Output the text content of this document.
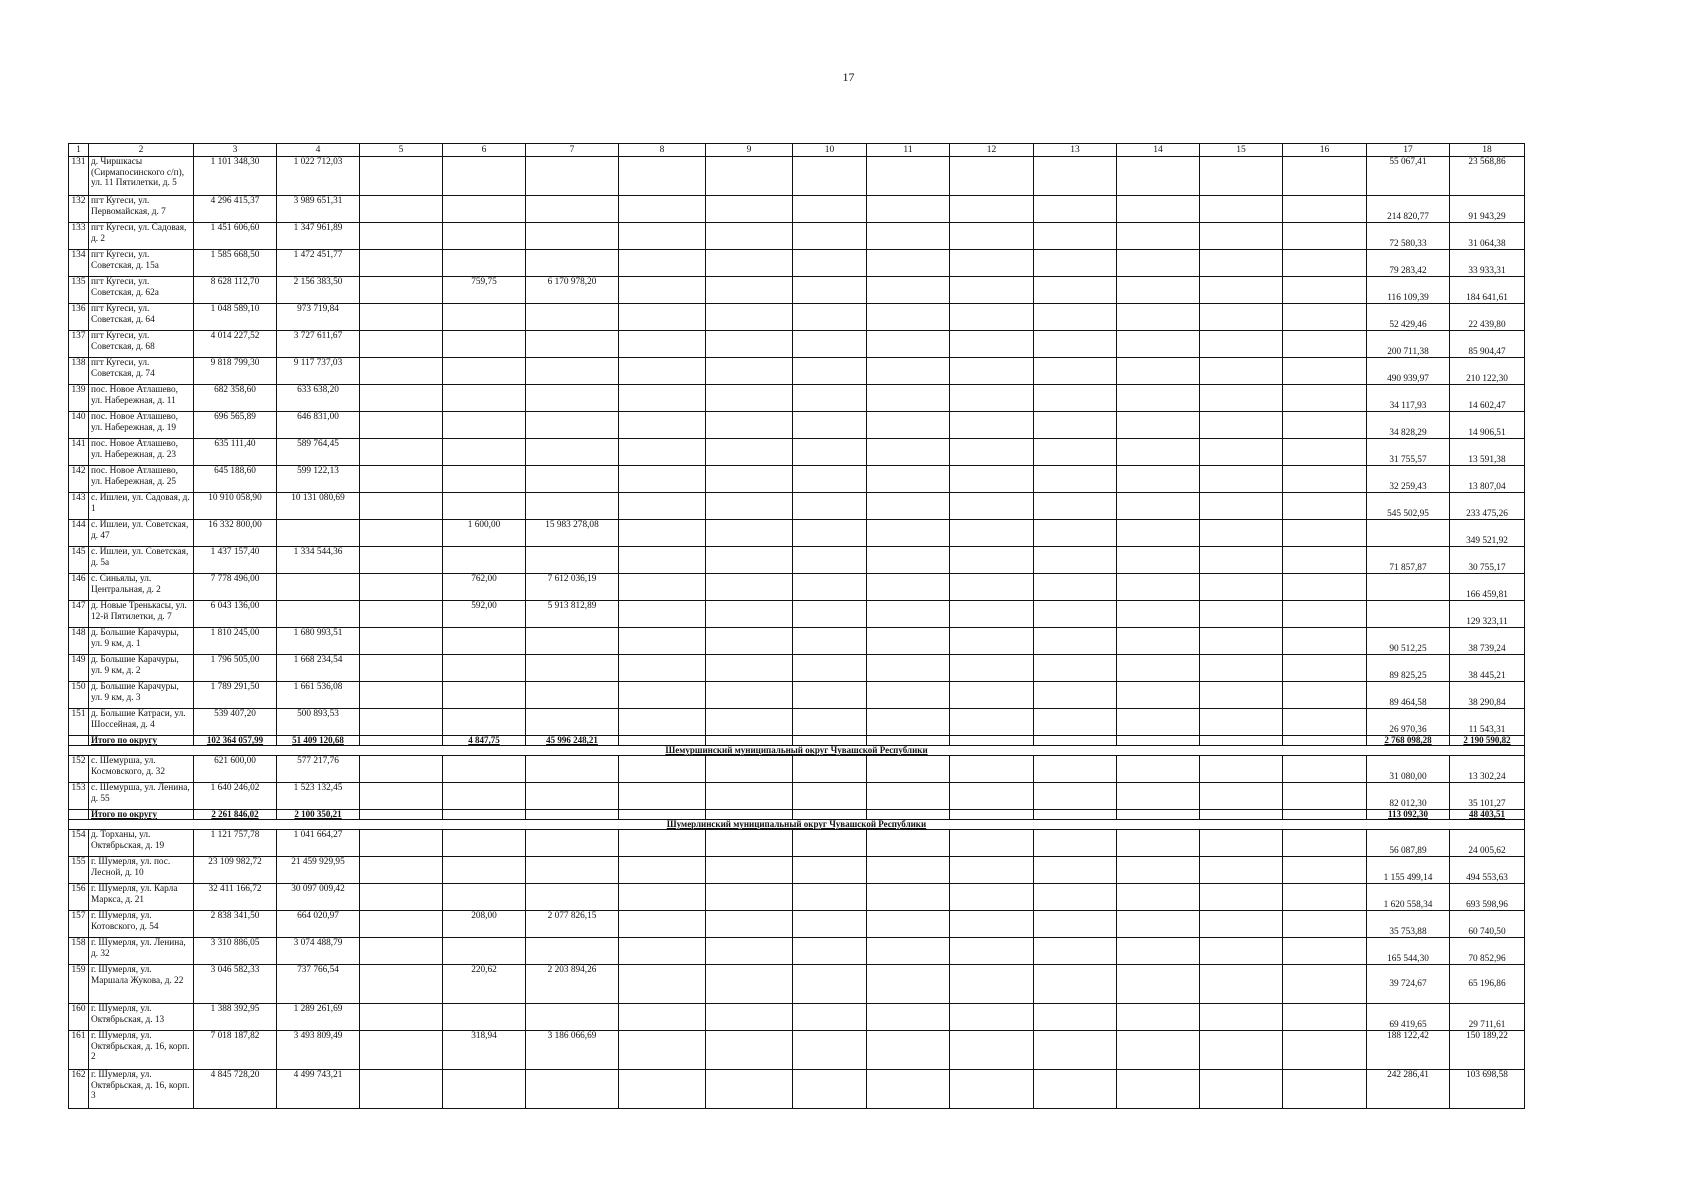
17
1	2	3	4	5	6	7	8	9	10	11	12	13	14	15	16	17	18
131	д. Чиршкасы (Сирмапосинского с/п), ул. 11 Пятилетки, д. 5	1 101 348,30	1 022 712,03													55 067,41	23 568,86
132	пгт Кугеси, ул. Первомайская, д. 7	4 296 415,37	3 989 651,31													214 820,77	91 943,29
133	пгт Кугеси, ул. Садовая, д. 2	1 451 606,60	1 347 961,89													72 580,33	31 064,38
134	пгт Кугеси, ул. Советская, д. 15а	1 585 668,50	1 472 451,77													79 283,42	33 933,31
135	пгт Кугеси, ул. Советская, д. 62а	8 628 112,70	2 156 383,50		759,75	6 170 978,20										116 109,39	184 641,61
136	пгт Кугеси, ул. Советская, д. 64	1 048 589,10	973 719,84													52 429,46	22 439,80
137	пгт Кугеси, ул. Советская, д. 68	4 014 227,52	3 727 611,67													200 711,38	85 904,47
138	пгт Кугеси, ул. Советская, д. 74	9 818 799,30	9 117 737,03													490 939,97	210 122,30
139	пос. Новое Атлашево, ул. Набережная, д. 11	682 358,60	633 638,20													34 117,93	14 602,47
140	пос. Новое Атлашево, ул. Набережная, д. 19	696 565,89	646 831,00													34 828,29	14 906,51
141	пос. Новое Атлашево, ул. Набережная, д. 23	635 111,40	589 764,45													31 755,57	13 591,38
142	пос. Новое Атлашево, ул. Набережная, д. 25	645 188,60	599 122,13													32 259,43	13 807,04
143	с. Ишлеи, ул. Садовая, д. 1	10 910 058,90	10 131 080,69													545 502,95	233 475,26
144	с. Ишлеи, ул. Советская, д. 47	16 332 800,00			1 600,00	15 983 278,08											349 521,92
145	с. Ишлеи, ул. Советская, д. 5а	1 437 157,40	1 334 544,36													71 857,87	30 755,17
146	с. Синьялы, ул. Центральная, д. 2	7 778 496,00			762,00	7 612 036,19											166 459,81
147	д. Новые Тренькасы, ул. 12-й Пятилетки, д. 7	6 043 136,00			592,00	5 913 812,89											129 323,11
148	д. Большие Карачуры, ул. 9 км, д. 1	1 810 245,00	1 680 993,51													90 512,25	38 739,24
149	д. Большие Карачуры, ул. 9 км, д. 2	1 796 505,00	1 668 234,54													89 825,25	38 445,21
150	д. Большие Карачуры, ул. 9 км, д. 3	1 789 291,50	1 661 536,08													89 464,58	38 290,84
151	д. Большие Катраси, ул. Шоссейная, д. 4	539 407,20	500 893,53													26 970,36	11 543,31
	Итого по округу	102 364 057,99	51 409 120,68		4 847,75	45 996 248,21										2 768 098,28	2 190 590,82
Шемуршинский муниципальный округ Чувашской Республики																	
152	с. Шемурша, ул. Космовского, д. 32	621 600,00	577 217,76													31 080,00	13 302,24
153	с. Шемурша, ул. Ленина, д. 55	1 640 246,02	1 523 132,45													82 012,30	35 101,27
	Итого по округу	2 261 846,02	2 100 350,21													113 092,30	48 403,51
Шумерлинский муниципальный округ Чувашской Республики																	
154	д. Торханы, ул. Октябрьская, д. 19	1 121 757,78	1 041 664,27													56 087,89	24 005,62
155	г. Шумерля, ул. пос. Лесной, д. 10	23 109 982,72	21 459 929,95													1 155 499,14	494 553,63
156	г. Шумерля, ул. Карла Маркса, д. 21	32 411 166,72	30 097 009,42													1 620 558,34	693 598,96
157	г. Шумерля, ул. Котовского, д. 54	2 838 341,50	664 020,97		208,00	2 077 826,15										35 753,88	60 740,50
158	г. Шумерля, ул. Ленина, д. 32	3 310 886,05	3 074 488,79													165 544,30	70 852,96
159	г. Шумерля, ул. Маршала Жукова, д. 22	3 046 582,33	737 766,54		220,62	2 203 894,26										39 724,67	65 196,86
160	г. Шумерля, ул. Октябрьская, д. 13	1 388 392,95	1 289 261,69													69 419,65	29 711,61
161	г. Шумерля, ул. Октябрьская, д. 16, корп. 2	7 018 187,82	3 493 809,49		318,94	3 186 066,69										188 122,42	150 189,22
162	г. Шумерля, ул. Октябрьская, д. 16, корп. 3	4 845 728,20	4 499 743,21													242 286,41	103 698,58
